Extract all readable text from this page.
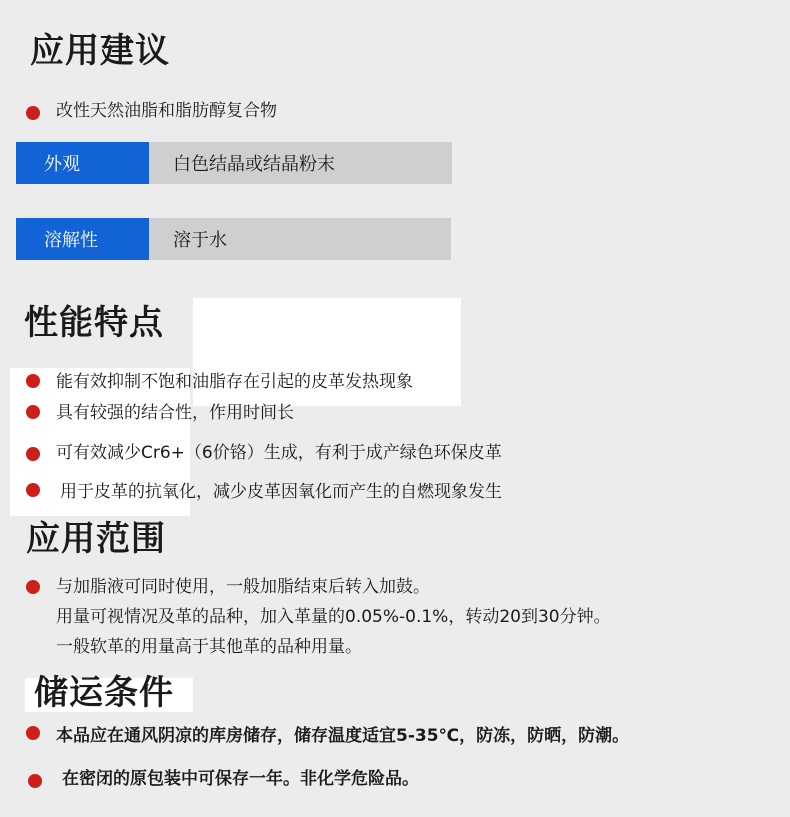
应用建议
改性天然油脂和脂肪醇复合物
外观	白色结晶或结晶粉末
溶解性	溶于水
性能特点
能有效抑制不饱和油脂存在引起的皮革发热现象
具有较强的结合性，作用时间长
可有效减少Cr6+（6价铬）生成，有利于成产绿色环保皮革
用于皮革的抗氧化，减少皮革因氧化而产生的自燃现象发生
应用范围
与加脂液可同时使用，一般加脂结束后转入加鼓。
用量可视情况及革的品种，加入革量的0.05%-0.1%，转动20到30分钟。
一般软革的用量高于其他革的品种用量。
储运条件
本品应在通风阴凉的库房储存，储存温度适宜5-35℃，防冻，防晒，防潮。
在密闭的原包装中可保存一年。非化学危险品。
